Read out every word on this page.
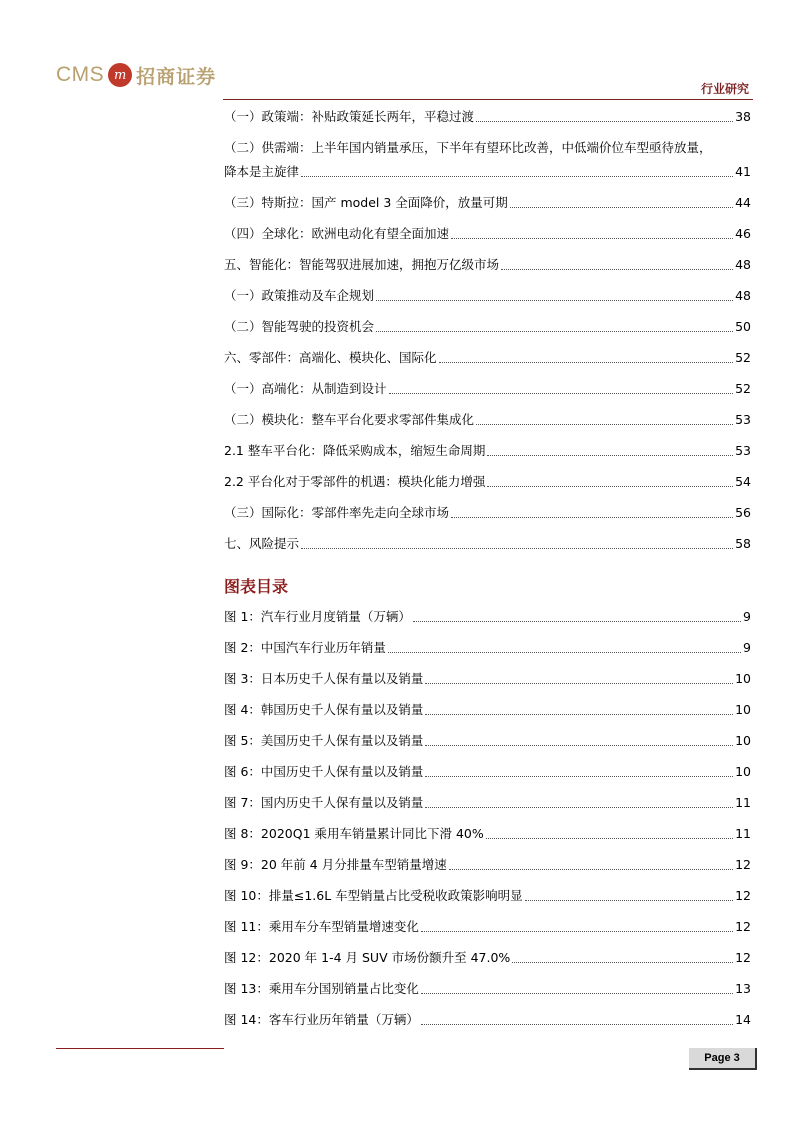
CMS m 招商证券
行业研究
（一）政策端：补贴政策延长两年，平稳过渡	38
（二）供需端：上半年国内销量承压，下半年有望环比改善，中低端价位车型亟待放量，
降本是主旋律	41
（三）特斯拉：国产 model 3 全面降价，放量可期	44
（四）全球化：欧洲电动化有望全面加速	46
五、智能化：智能驾驭进展加速，拥抱万亿级市场	48
（一）政策推动及车企规划	48
（二）智能驾驶的投资机会	50
六、零部件：高端化、模块化、国际化	52
（一）高端化：从制造到设计	52
（二）模块化：整车平台化要求零部件集成化	53
2.1 整车平台化：降低采购成本，缩短生命周期	53
2.2 平台化对于零部件的机遇：模块化能力增强	54
（三）国际化：零部件率先走向全球市场	56
七、风险提示	58
图表目录
图 1：汽车行业月度销量（万辆）	9
图 2：中国汽车行业历年销量	9
图 3：日本历史千人保有量以及销量	10
图 4：韩国历史千人保有量以及销量	10
图 5：美国历史千人保有量以及销量	10
图 6：中国历史千人保有量以及销量	10
图 7：国内历史千人保有量以及销量	11
图 8：2020Q1 乘用车销量累计同比下滑 40%	11
图 9：20 年前 4 月分排量车型销量增速	12
图 10：排量≤1.6L 车型销量占比受税收政策影响明显	12
图 11：乘用车分车型销量增速变化	12
图 12：2020 年 1-4 月 SUV 市场份额升至 47.0%	12
图 13：乘用车分国别销量占比变化	13
图 14：客车行业历年销量（万辆）	14
Page 3
